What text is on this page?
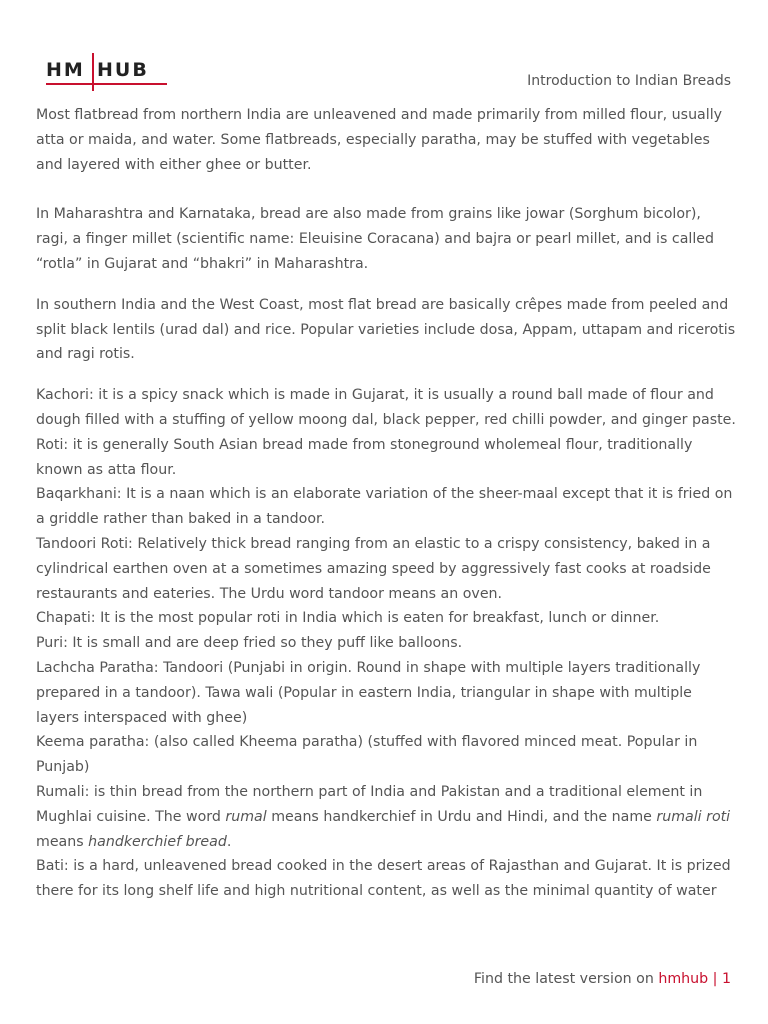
HM HUB	Introduction to Indian Breads

Most flatbread from northern India are unleavened and made primarily from milled flour, usually atta or maida, and water. Some flatbreads, especially paratha, may be stuffed with vegetables and layered with either ghee or butter.

In Maharashtra and Karnataka, bread are also made from grains like jowar (Sorghum bicolor), ragi, a finger millet (scientific name: Eleuisine Coracana) and bajra or pearl millet, and is called “rotla” in Gujarat and “bhakri” in Maharashtra.

In southern India and the West Coast, most flat bread are basically crêpes made from peeled and split black lentils (urad dal) and rice. Popular varieties include dosa, Appam, uttapam and ricerotis and ragi rotis.

Kachori: it is a spicy snack which is made in Gujarat, it is usually a round ball made of flour and dough filled with a stuffing of yellow moong dal, black pepper, red chilli powder, and ginger paste.

Roti: it is generally South Asian bread made from stoneground wholemeal flour, traditionally known as atta flour.

Baqarkhani: It is a naan which is an elaborate variation of the sheer-maal except that it is fried on a griddle rather than baked in a tandoor.

Tandoori Roti: Relatively thick bread ranging from an elastic to a crispy consistency, baked in a cylindrical earthen oven at a sometimes amazing speed by aggressively fast cooks at roadside restaurants and eateries. The Urdu word tandoor means an oven.

Chapati: It is the most popular roti in India which is eaten for breakfast, lunch or dinner.

Puri: It is small and are deep fried so they puff like balloons.

Lachcha Paratha: Tandoori (Punjabi in origin. Round in shape with multiple layers traditionally prepared in a tandoor). Tawa wali (Popular in eastern India, triangular in shape with multiple layers interspaced with ghee)

Keema paratha: (also called Kheema paratha) (stuffed with flavored minced meat. Popular in Punjab)

Rumali: is thin bread from the northern part of India and Pakistan and a traditional element in Mughlai cuisine. The word rumal means handkerchief in Urdu and Hindi, and the name rumali roti means handkerchief bread.

Bati: is a hard, unleavened bread cooked in the desert areas of Rajasthan and Gujarat. It is prized there for its long shelf life and high nutritional content, as well as the minimal quantity of water

Find the latest version on hmhub | 1
